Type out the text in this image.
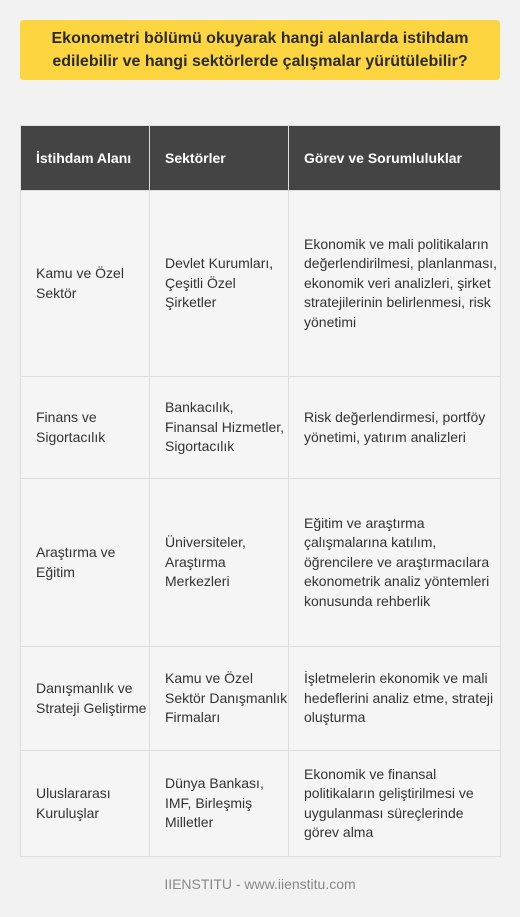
Ekonometri bölümü okuyarak hangi alanlarda istihdam edilebilir ve hangi sektörlerde çalışmalar yürütülebilir?

İstihdam Alanı	Sektörler	Görev ve Sorumluluklar
Kamu ve Özel Sektör	Devlet Kurumları, Çeşitli Özel Şirketler	Ekonomik ve mali politikaların değerlendirilmesi, planlanması, ekonomik veri analizleri, şirket stratejilerinin belirlenmesi, risk yönetimi
Finans ve Sigortacılık	Bankacılık, Finansal Hizmetler, Sigortacılık	Risk değerlendirmesi, portföy yönetimi, yatırım analizleri
Araştırma ve Eğitim	Üniversiteler, Araştırma Merkezleri	Eğitim ve araştırma çalışmalarına katılım, öğrencilere ve araştırmacılara ekonometrik analiz yöntemleri konusunda rehberlik
Danışmanlık ve Strateji Geliştirme	Kamu ve Özel Sektör Danışmanlık Firmaları	İşletmelerin ekonomik ve mali hedeflerini analiz etme, strateji oluşturma
Uluslararası Kuruluşlar	Dünya Bankası, IMF, Birleşmiş Milletler	Ekonomik ve finansal politikaların geliştirilmesi ve uygulanması süreçlerinde görev alma
IIENSTITU - www.iienstitu.com
